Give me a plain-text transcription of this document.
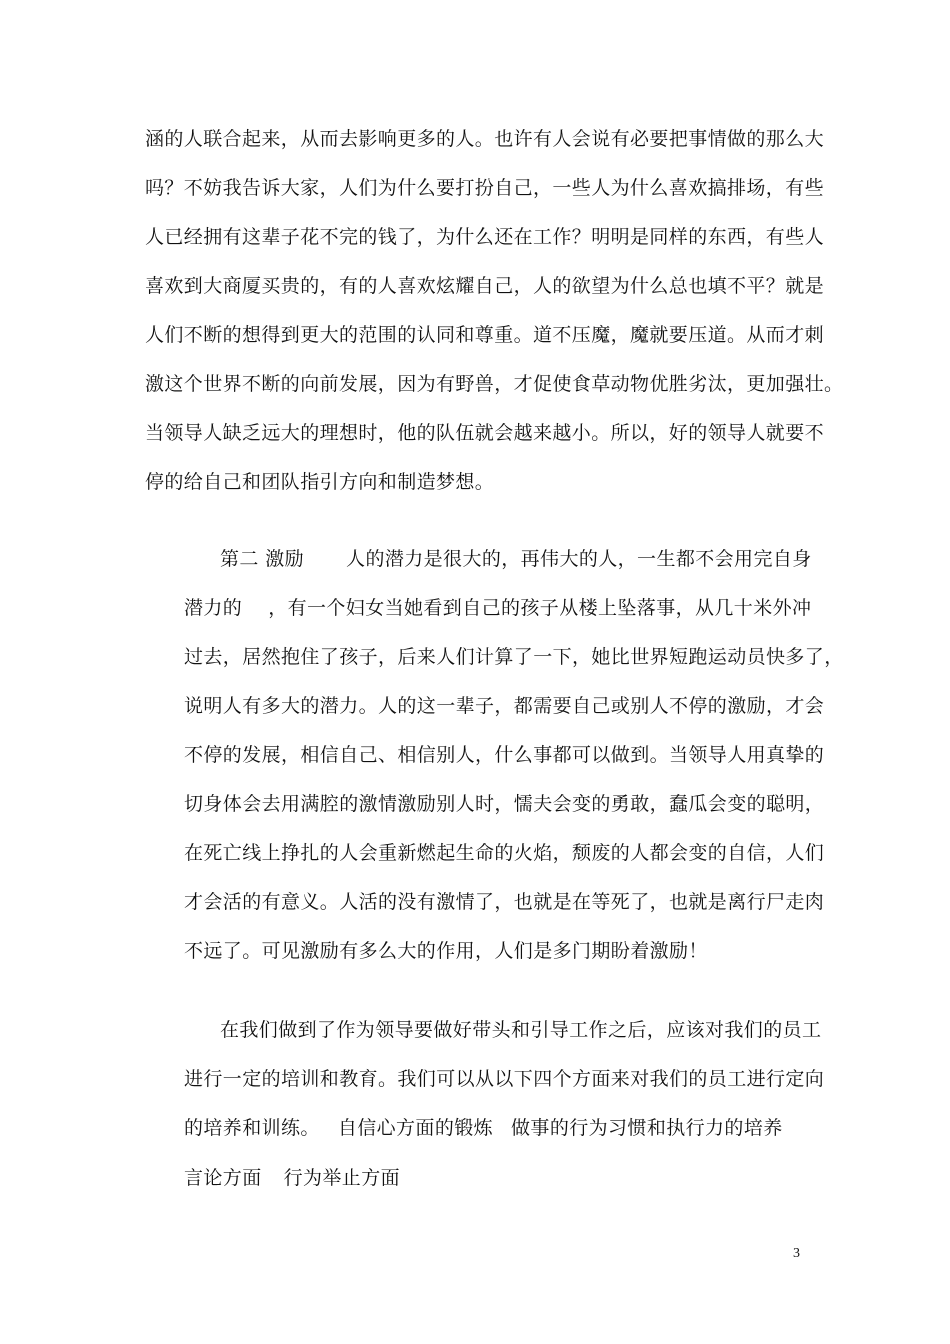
涵的人联合起来，从而去影响更多的人。也许有人会说有必要把事情做的那么大
吗？不妨我告诉大家，人们为什么要打扮自己，一些人为什么喜欢搞排场，有些
人已经拥有这辈子花不完的钱了，为什么还在工作？明明是同样的东西，有些人
喜欢到大商厦买贵的，有的人喜欢炫耀自己，人的欲望为什么总也填不平？就是
人们不断的想得到更大的范围的认同和尊重。道不压魔，魔就要压道。从而才刺
激这个世界不断的向前发展，因为有野兽，才促使食草动物优胜劣汰，更加强壮。
当领导人缺乏远大的理想时，他的队伍就会越来越小。所以，好的领导人就要不
停的给自己和团队指引方向和制造梦想。
第二 激励 人的潜力是很大的，再伟大的人，一生都不会用完自身
潜力的 ，有一个妇女当她看到自己的孩子从楼上坠落事，从几十米外冲
过去，居然抱住了孩子，后来人们计算了一下，她比世界短跑运动员快多了，
说明人有多大的潜力。人的这一辈子，都需要自己或别人不停的激励，才会
不停的发展，相信自己、相信别人，什么事都可以做到。当领导人用真挚的
切身体会去用满腔的激情激励别人时，懦夫会变的勇敢，蠢瓜会变的聪明，
在死亡线上挣扎的人会重新燃起生命的火焰，颓废的人都会变的自信，人们
才会活的有意义。人活的没有激情了，也就是在等死了，也就是离行尸走肉
不远了。可见激励有多么大的作用，人们是多门期盼着激励！
在我们做到了作为领导要做好带头和引导工作之后，应该对我们的员工
进行一定的培训和教育。我们可以从以下四个方面来对我们的员工进行定向
的培养和训练。 自信心方面的锻炼 做事的行为习惯和执行力的培养
言论方面 行为举止方面
3
